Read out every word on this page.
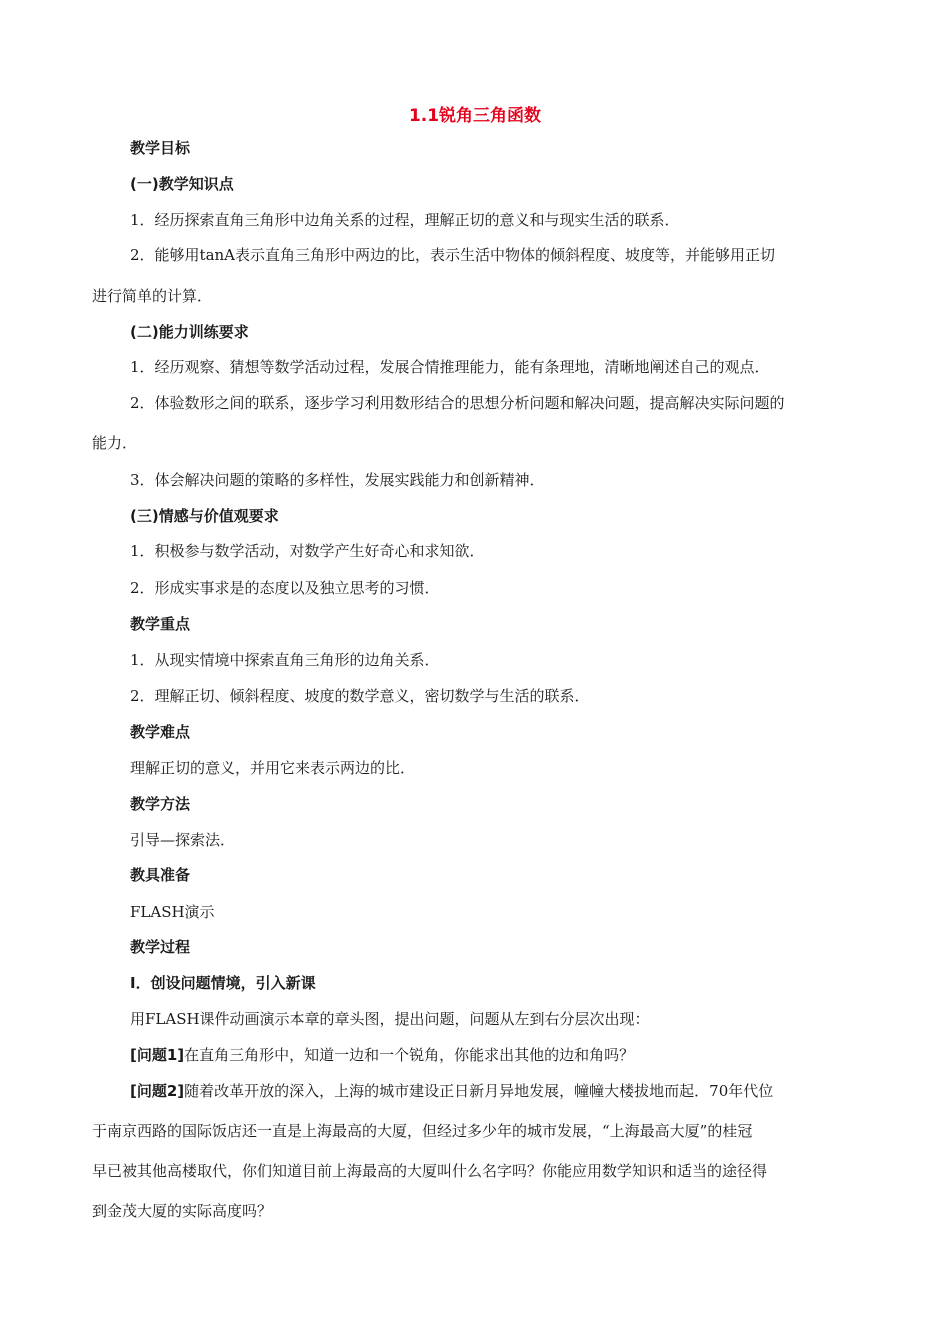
1.1锐角三角函数
教学目标
(一)教学知识点
1．经历探索直角三角形中边角关系的过程，理解正切的意义和与现实生活的联系．
2．能够用tanA表示直角三角形中两边的比，表示生活中物体的倾斜程度、坡度等，并能够用正切
进行简单的计算．
(二)能力训练要求
1．经历观察、猜想等数学活动过程，发展合情推理能力，能有条理地，清晰地阐述自己的观点．
2．体验数形之间的联系，逐步学习利用数形结合的思想分析问题和解决问题，提高解决实际问题的
能力．
3．体会解决问题的策略的多样性，发展实践能力和创新精神．
(三)情感与价值观要求
1．积极参与数学活动，对数学产生好奇心和求知欲．
2．形成实事求是的态度以及独立思考的习惯．
教学重点
1．从现实情境中探索直角三角形的边角关系．
2．理解正切、倾斜程度、坡度的数学意义，密切数学与生活的联系．
教学难点
理解正切的意义，并用它来表示两边的比．
教学方法
引导—探索法．
教具准备
FLASH演示
教学过程
Ⅰ．创设问题情境，引入新课
用FLASH课件动画演示本章的章头图，提出问题，问题从左到右分层次出现：
[问题1]在直角三角形中，知道一边和一个锐角，你能求出其他的边和角吗？
[问题2]随着改革开放的深入，上海的城市建设正日新月异地发展，幢幢大楼拔地而起．70年代位
于南京西路的国际饭店还一直是上海最高的大厦，但经过多少年的城市发展，“上海最高大厦”的桂冠
早已被其他高楼取代，你们知道目前上海最高的大厦叫什么名字吗？你能应用数学知识和适当的途径得
到金茂大厦的实际高度吗？
